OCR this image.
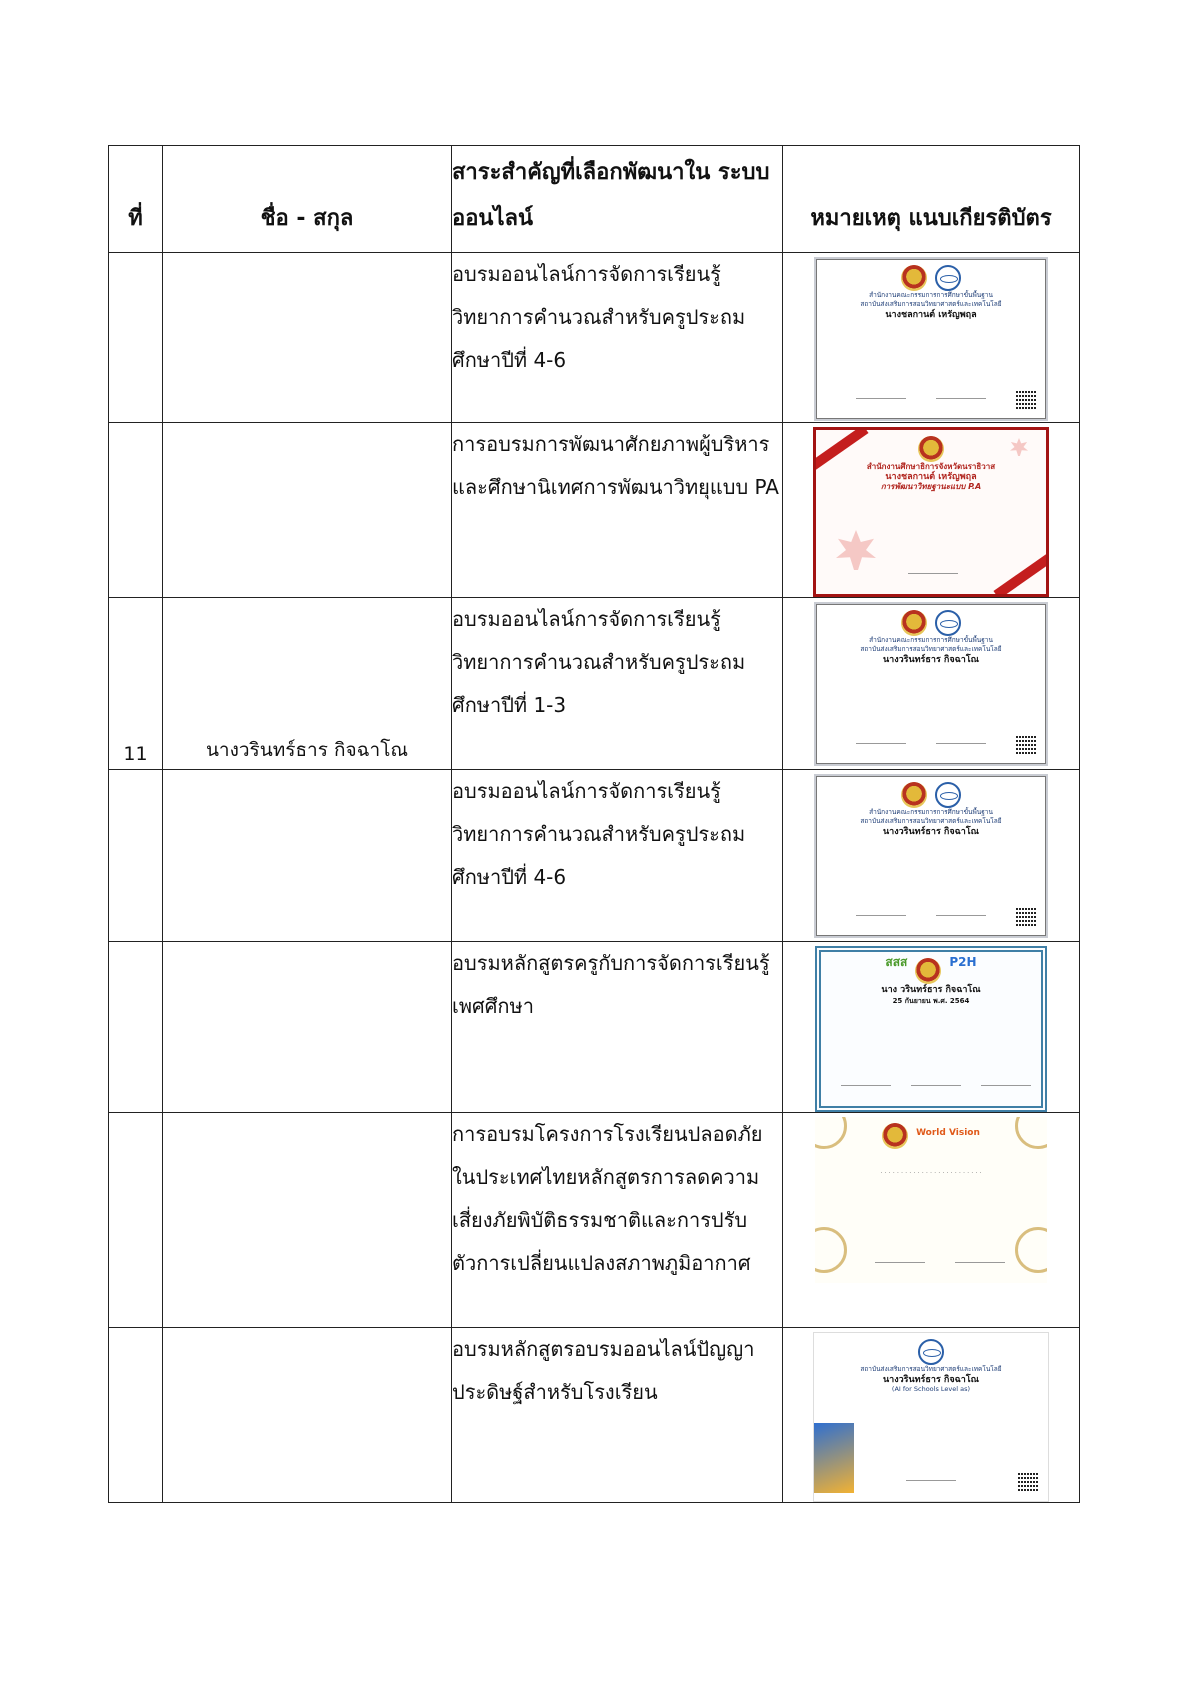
ที่	ชื่อ - สกุล	สาระสำคัญที่เลือกพัฒนาใน ระบบออนไลน์	หมายเหตุ แนบเกียรติบัตร
		อบรมออนไลน์การจัดการเรียนรู้วิทยาการคำนวณสำหรับครูประถมศึกษาปีที่ 4-6	สำนักงานคณะกรรมการการศึกษาขั้นพื้นฐาน
สถาบันส่งเสริมการสอนวิทยาศาสตร์และเทคโนโลยี
นางชลกานต์ เหรัญพฤล

		การอบรมการพัฒนาศักยภาพผู้บริหารและศึกษานิเทศการพัฒนาวิทยุแบบ PA	สำนักงานศึกษาธิการจังหวัดนราธิวาส
นางชลกานต์ เหรัญพฤล
การพัฒนาวิทยฐานะแบบ P.A

11	นางวรินทร์ธาร กิจฉาโณ	อบรมออนไลน์การจัดการเรียนรู้วิทยาการคำนวณสำหรับครูประถมศึกษาปีที่ 1-3	สำนักงานคณะกรรมการการศึกษาขั้นพื้นฐาน
สถาบันส่งเสริมการสอนวิทยาศาสตร์และเทคโนโลยี
นางวรินทร์ธาร กิจฉาโณ

		อบรมออนไลน์การจัดการเรียนรู้วิทยาการคำนวณสำหรับครูประถมศึกษาปีที่ 4-6	สำนักงานคณะกรรมการการศึกษาขั้นพื้นฐาน
สถาบันส่งเสริมการสอนวิทยาศาสตร์และเทคโนโลยี
นางวรินทร์ธาร กิจฉาโณ

		อบรมหลักสูตรครูกับการจัดการเรียนรู้เพศศึกษา	สสส P2H
นาง วรินทร์ธาร กิจฉาโณ
25 กันยายน พ.ศ. 2564

		การอบรมโครงการโรงเรียนปลอดภัยในประเทศไทยหลักสูตรการลดความเสี่ยงภัยพิบัติธรรมชาติและการปรับตัวการเปลี่ยนแปลงสภาพภูมิอากาศ	World Vision
. . . . . . . . . . . . . . . . . . . . . . . . .

		อบรมหลักสูตรอบรมออนไลน์ปัญญาประดิษฐ์สำหรับโรงเรียน	สถาบันส่งเสริมการสอนวิทยาศาสตร์และเทคโนโลยี
นางวรินทร์ธาร กิจฉาโณ
(AI for Schools Level as)
